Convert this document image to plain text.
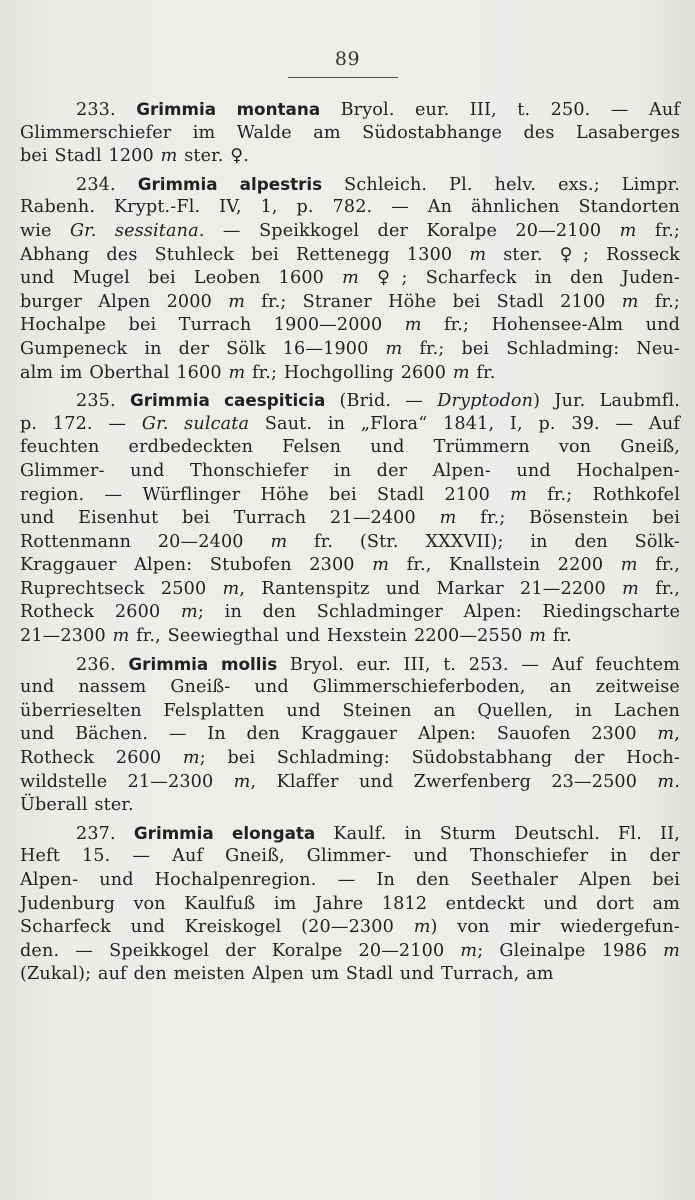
89
233. Grimmia montana Bryol. eur. III, t. 250. — Auf
Glimmerschiefer im Walde am Südostabhange des Lasaberges
bei Stadl 1200 m ster. ♀.
234. Grimmia alpestris Schleich. Pl. helv. exs.; Limpr.
Rabenh. Krypt.-Fl. IV, 1, p. 782. — An ähnlichen Standorten
wie Gr. sessitana. — Speikkogel der Koralpe 20—2100 m fr.;
Abhang des Stuhleck bei Rettenegg 1300 m ster. ♀; Rosseck
und Mugel bei Leoben 1600 m ♀; Scharfeck in den Juden-
burger Alpen 2000 m fr.; Straner Höhe bei Stadl 2100 m fr.;
Hochalpe bei Turrach 1900—2000 m fr.; Hohensee-Alm und
Gumpeneck in der Sölk 16—1900 m fr.; bei Schladming: Neu-
alm im Oberthal 1600 m fr.; Hochgolling 2600 m fr.
235. Grimmia caespiticia (Brid. — Dryptodon) Jur. Laubmfl.
p. 172. — Gr. sulcata Saut. in „Flora“ 1841, I, p. 39. — Auf
feuchten erdbedeckten Felsen und Trümmern von Gneiß,
Glimmer- und Thonschiefer in der Alpen- und Hochalpen-
region. — Würflinger Höhe bei Stadl 2100 m fr.; Rothkofel
und Eisenhut bei Turrach 21—2400 m fr.; Bösenstein bei
Rottenmann 20—2400 m fr. (Str. XXXVII); in den Sölk-
Kraggauer Alpen: Stubofen 2300 m fr., Knallstein 2200 m fr.,
Ruprechtseck 2500 m, Rantenspitz und Markar 21—2200 m fr.,
Rotheck 2600 m; in den Schladminger Alpen: Riedingscharte
21—2300 m fr., Seewiegthal und Hexstein 2200—2550 m fr.
236. Grimmia mollis Bryol. eur. III, t. 253. — Auf feuchtem
und nassem Gneiß- und Glimmerschieferboden, an zeitweise
überrieselten Felsplatten und Steinen an Quellen, in Lachen
und Bächen. — In den Kraggauer Alpen: Sauofen 2300 m,
Rotheck 2600 m; bei Schladming: Südobstabhang der Hoch-
wildstelle 21—2300 m, Klaffer und Zwerfenberg 23—2500 m.
Überall ster.
237. Grimmia elongata Kaulf. in Sturm Deutschl. Fl. II,
Heft 15. — Auf Gneiß, Glimmer- und Thonschiefer in der
Alpen- und Hochalpenregion. — In den Seethaler Alpen bei
Judenburg von Kaulfuß im Jahre 1812 entdeckt und dort am
Scharfeck und Kreiskogel (20—2300 m) von mir wiedergefun-
den. — Speikkogel der Koralpe 20—2100 m; Gleinalpe 1986 m
(Zukal); auf den meisten Alpen um Stadl und Turrach, am
